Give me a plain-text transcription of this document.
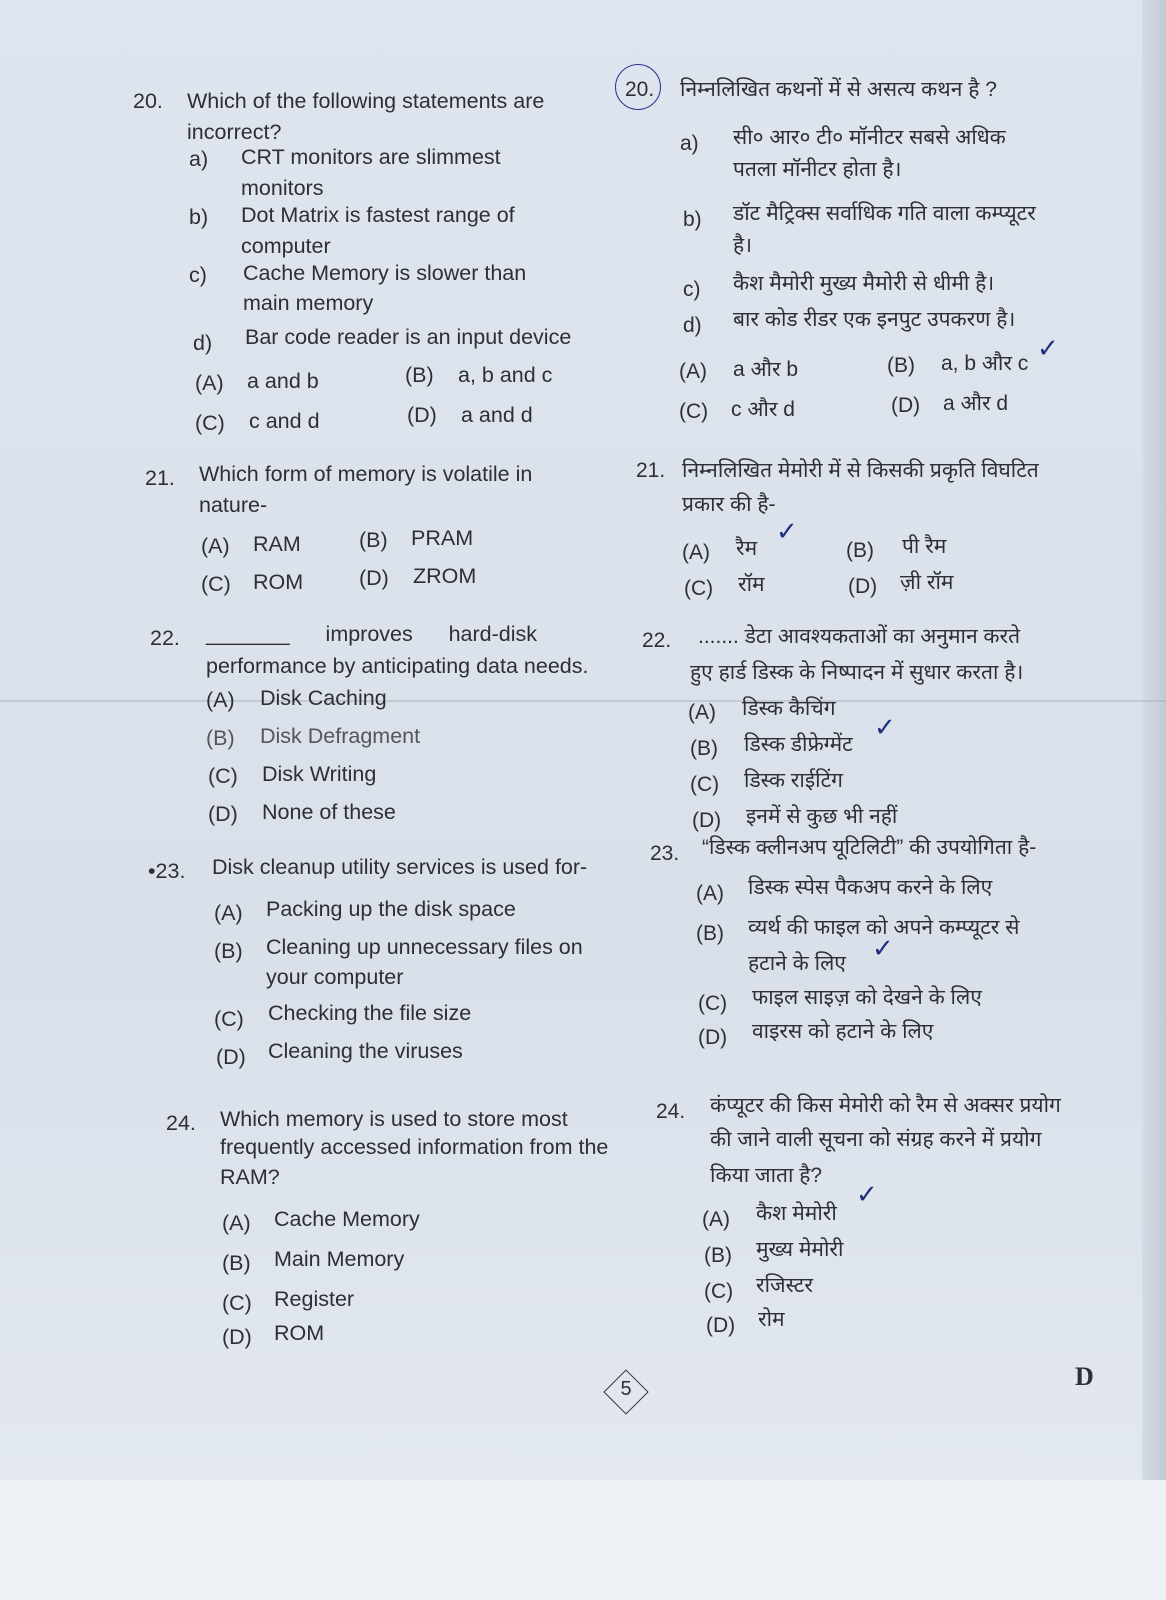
20. Which of the following statements are
incorrect?
a) CRT monitors are slimmest
monitors
b) Dot Matrix is fastest range of
computer
c) Cache Memory is slower than
main memory
d) Bar code reader is an input device
(A) a and b	(B) a, b and c
(C) c and d	(D) a and d
21. Which form of memory is volatile in
nature-
(A) RAM	(B) PRAM
(C) ROM	(D) ZROM
22. _______      improves      hard-disk
performance by anticipating data needs.
(A) Disk Caching
(B) Disk Defragment
(C) Disk Writing
(D) None of these
•23. Disk cleanup utility services is used for-
(A) Packing up the disk space
(B) Cleaning up unnecessary files on
your computer
(C) Checking the file size
(D) Cleaning the viruses
24. Which memory is used to store most
frequently accessed information from the
RAM?
(A) Cache Memory
(B) Main Memory
(C) Register
(D) ROM
20. निम्नलिखित कथनों में से असत्य कथन है ?
a) सी० आर० टी० मॉनीटर सबसे अधिक
पतला मॉनीटर होता है।
b) डॉट मैट्रिक्स सर्वाधिक गति वाला कम्प्यूटर
है।
c) कैश मैमोरी मुख्य मैमोरी से धीमी है।
d) बार कोड रीडर एक इनपुट उपकरण है।
(A) a और b	(B) a, b और c ✓
(C) c और d	(D) a और d
21. निम्नलिखित मेमोरी में से किसकी प्रकृति विघटित
प्रकार की है-
(A) रैम
✓
(B) पी रैम
(C) रॉम	(D) ज़ी रॉम
22. ....... डेटा आवश्यकताओं का अनुमान करते
हुए हार्ड डिस्क के निष्पादन में सुधार करता है।
(A) डिस्क कैचिंग
(B) डिस्क डीफ्रेग्मेंट
✓
(C) डिस्क राईटिंग
(D) इनमें से कुछ भी नहीं
23. “डिस्क क्लीनअप यूटिलिटी” की उपयोगिता है-
(A) डिस्क स्पेस पैकअप करने के लिए
(B) व्यर्थ की फाइल को अपने कम्प्यूटर से
हटाने के लिए ✓
(C) फाइल साइज़ को देखने के लिए
(D) वाइरस को हटाने के लिए
24. कंप्यूटर की किस मेमोरी को रैम से अक्सर प्रयोग
की जाने वाली सूचना को संग्रह करने में प्रयोग
किया जाता है?
(A) कैश मेमोरी
✓
(B) मुख्य मेमोरी
(C) रजिस्टर
(D) रोम
5	D
